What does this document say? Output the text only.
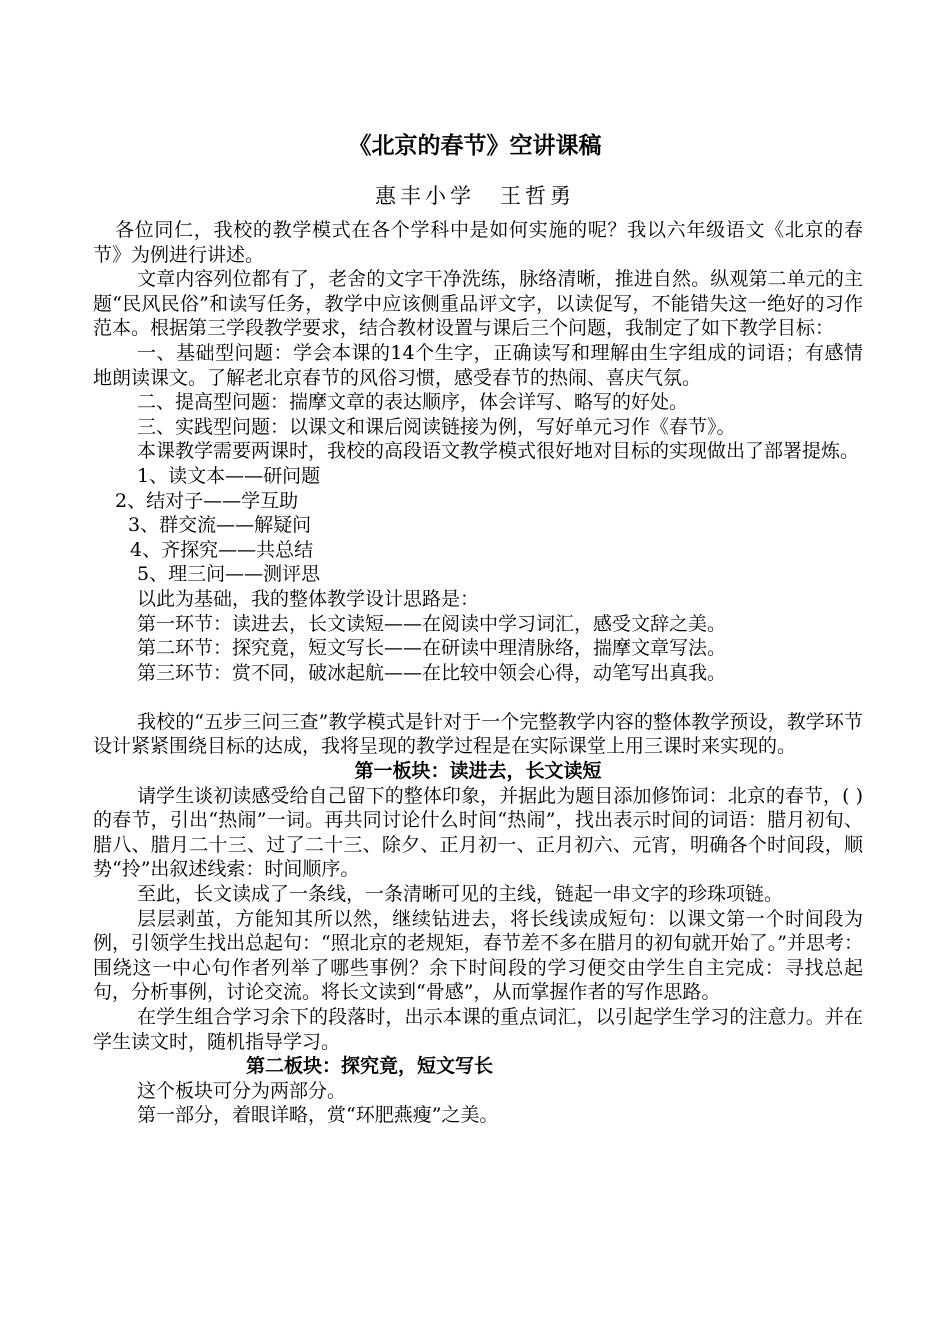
《北京的春节》空讲课稿
惠丰小学　王哲勇

各位同仁，我校的教学模式在各个学科中是如何实施的呢？我以六年级语文《北京的春节》为例进行讲述。

文章内容列位都有了，老舍的文字干净洗练，脉络清晰，推进自然。纵观第二单元的主题“民风民俗”和读写任务，教学中应该侧重品评文字，以读促写，不能错失这一绝好的习作范本。根据第三学段教学要求，结合教材设置与课后三个问题，我制定了如下教学目标：

一、基础型问题：学会本课的14个生字，正确读写和理解由生字组成的词语；有感情地朗读课文。了解老北京春节的风俗习惯，感受春节的热闹、喜庆气氛。

二、提高型问题：揣摩文章的表达顺序，体会详写、略写的好处。

三、实践型问题：以课文和课后阅读链接为例，写好单元习作《春节》。

本课教学需要两课时，我校的高段语文教学模式很好地对目标的实现做出了部署提炼。

1、读文本——研问题

2、结对子——学互助

3、群交流——解疑问

4、齐探究——共总结

5、理三问——测评思

以此为基础，我的整体教学设计思路是：

第一环节：读进去，长文读短——在阅读中学习词汇，感受文辞之美。

第二环节：探究竟，短文写长——在研读中理清脉络，揣摩文章写法。

第三环节：赏不同，破冰起航——在比较中领会心得，动笔写出真我。

我校的“五步三问三查”教学模式是针对于一个完整教学内容的整体教学预设，教学环节设计紧紧围绕目标的达成，我将呈现的教学过程是在实际课堂上用三课时来实现的。

第一板块：读进去，长文读短

请学生谈初读感受给自己留下的整体印象，并据此为题目添加修饰词：北京的春节，( )的春节，引出“热闹”一词。再共同讨论什么时间“热闹”，找出表示时间的词语：腊月初旬、腊八、腊月二十三、过了二十三、除夕、正月初一、正月初六、元宵，明确各个时间段，顺势“拎”出叙述线索：时间顺序。

至此，长文读成了一条线，一条清晰可见的主线，链起一串文字的珍珠项链。

层层剥茧，方能知其所以然，继续钻进去，将长线读成短句：以课文第一个时间段为例，引领学生找出总起句：“照北京的老规矩，春节差不多在腊月的初旬就开始了。”并思考：围绕这一中心句作者列举了哪些事例？余下时间段的学习便交由学生自主完成：寻找总起句，分析事例，讨论交流。将长文读到“骨感”，从而掌握作者的写作思路。

在学生组合学习余下的段落时，出示本课的重点词汇，以引起学生学习的注意力。并在学生读文时，随机指导学习。

第二板块：探究竟，短文写长

这个板块可分为两部分。

第一部分，着眼详略，赏“环肥燕瘦”之美。
